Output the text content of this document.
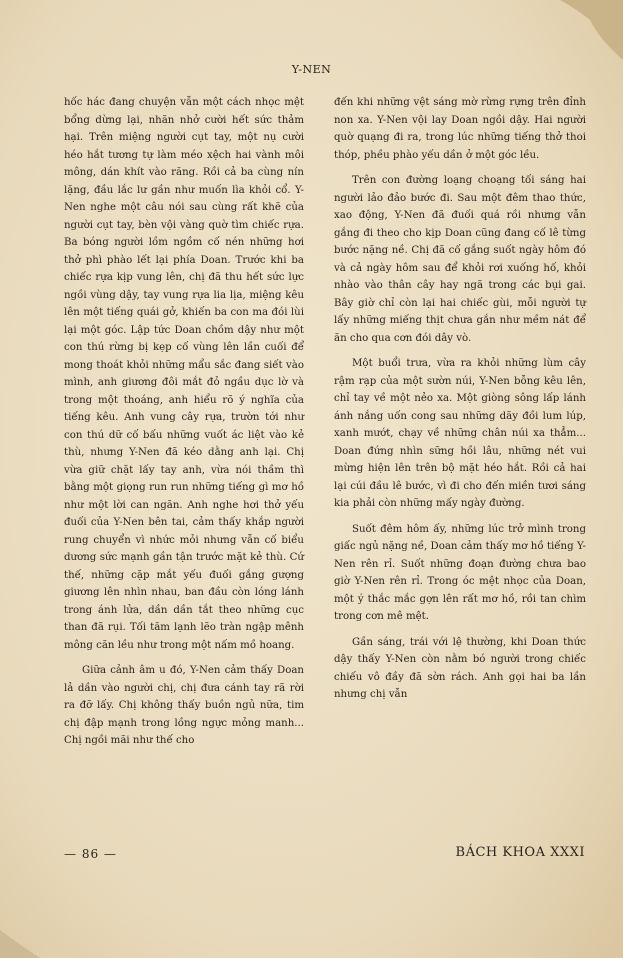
Y-NEN

hốc hác đang chuyện vẫn một cách nhọc mệt bổng dừng lại, nhăn nhở cười hết sức thảm hại. Trên miệng người cụt tay, một nụ cười héo hắt tương tự làm méo xệch hai vành môi mông, dán khít vào răng. Rồi cả ba cùng nín lặng, đầu lắc lư gần như muốn lìa khỏi cổ. Y-Nen nghe một câu nói sau cùng rất khẽ của người cụt tay, bèn vội vàng quờ tìm chiếc rựa. Ba bóng người lồm ngồm cố nén những hơi thở phì phào lết lại phía Doan. Trước khi ba chiếc rựa kịp vung lên, chị đã thu hết sức lực ngồi vùng dậy, tay vung rựa lia lịa, miệng kêu lên một tiếng quái gở, khiến ba con ma đói lùi lại một góc. Lập tức Doan chồm dậy như một con thú rừng bị kẹp cố vùng lên lần cuối để mong thoát khỏi những mẩu sắc đang siết vào mình, anh giương đôi mắt đỏ ngầu dục lờ và trong một thoáng, anh hiểu rõ ý nghĩa của tiếng kêu. Anh vung cây rựa, trườn tới như con thú dữ cố bấu những vuốt ác liệt vào kẻ thù, nhưng Y-Nen đã kéo dằng anh lại. Chị vừa giữ chặt lấy tay anh, vừa nói thầm thì bằng một giọng run run những tiếng gì mơ hồ như một lời can ngăn. Anh nghe hơi thở yếu đuối của Y-Nen bên tai, cảm thấy khắp người rung chuyển vì nhức mỏi nhưng vẫn cố biểu dương sức mạnh gần tận trước mặt kẻ thù. Cứ thế, những cặp mắt yếu đuối gắng gượng giương lên nhìn nhau, ban đầu còn lóng lánh trong ánh lửa, dần dần tắt theo những cục than đã rụi. Tối tăm lạnh lẽo tràn ngập mênh mông căn lều như trong một nấm mồ hoang.

Giữa cảnh âm u đó, Y-Nen cảm thấy Doan lả dần vào người chị, chị đưa cánh tay rã rời ra đỡ lấy. Chị không thấy buồn ngủ nữa, tim chị đập mạnh trong lồng ngực mỏng manh... Chị ngồi mãi như thế cho

đến khi những vệt sáng mờ rừng rựng trên đỉnh non xa. Y-Nen vội lay Doan ngồi dậy. Hai người quờ quạng đi ra, trong lúc những tiếng thở thoi thóp, phều phào yếu dần ở một góc lều.

Trên con đường loạng choạng tối sáng hai người lảo đảo bước đi. Sau một đêm thao thức, xao động, Y-Nen đã đuối quá rồi nhưng vẫn gắng đi theo cho kịp Doan cũng đang cố lê từng bước nặng nề. Chị đã cố gắng suốt ngày hôm đó và cả ngày hôm sau để khỏi rơi xuống hố, khỏi nhào vào thân cây hay ngã trong các bụi gai. Bây giờ chỉ còn lại hai chiếc gùi, mỗi người tự lấy những miếng thịt chưa gắn như mềm nát để ăn cho qua cơn đói dây vò.

Một buổi trưa, vừa ra khỏi những lùm cây rậm rạp của một sườn núi, Y-Nen bỗng kêu lên, chỉ tay về một nẻo xa. Một giòng sông lấp lánh ánh nắng uốn cong sau những dãy đồi lum lúp, xanh mướt, chạy về những chân núi xa thẳm... Doan đứng nhìn sững hồi lâu, những nét vui mừng hiện lên trên bộ mặt héo hắt. Rồi cả hai lại cúi đầu lê bước, vì đi cho đến miền tươi sáng kia phải còn những mấy ngày đường.

Suốt đêm hôm ấy, những lúc trở mình trong giấc ngủ nặng nề, Doan cảm thấy mơ hồ tiếng Y-Nen rên rỉ. Suốt những đoạn đường chưa bao giờ Y-Nen rên rỉ. Trong óc mệt nhọc của Doan, một ý thắc mắc gợn lên rất mơ hồ, rồi tan chìm trong cơn mê mệt.

Gần sáng, trái với lệ thường, khi Doan thức dậy thấy Y-Nen còn nằm bó người trong chiếc chiếu vô đầy đã sờn rách. Anh gọi hai ba lần nhưng chị vẫn

— 86 —	BÁCH KHOA XXXI
